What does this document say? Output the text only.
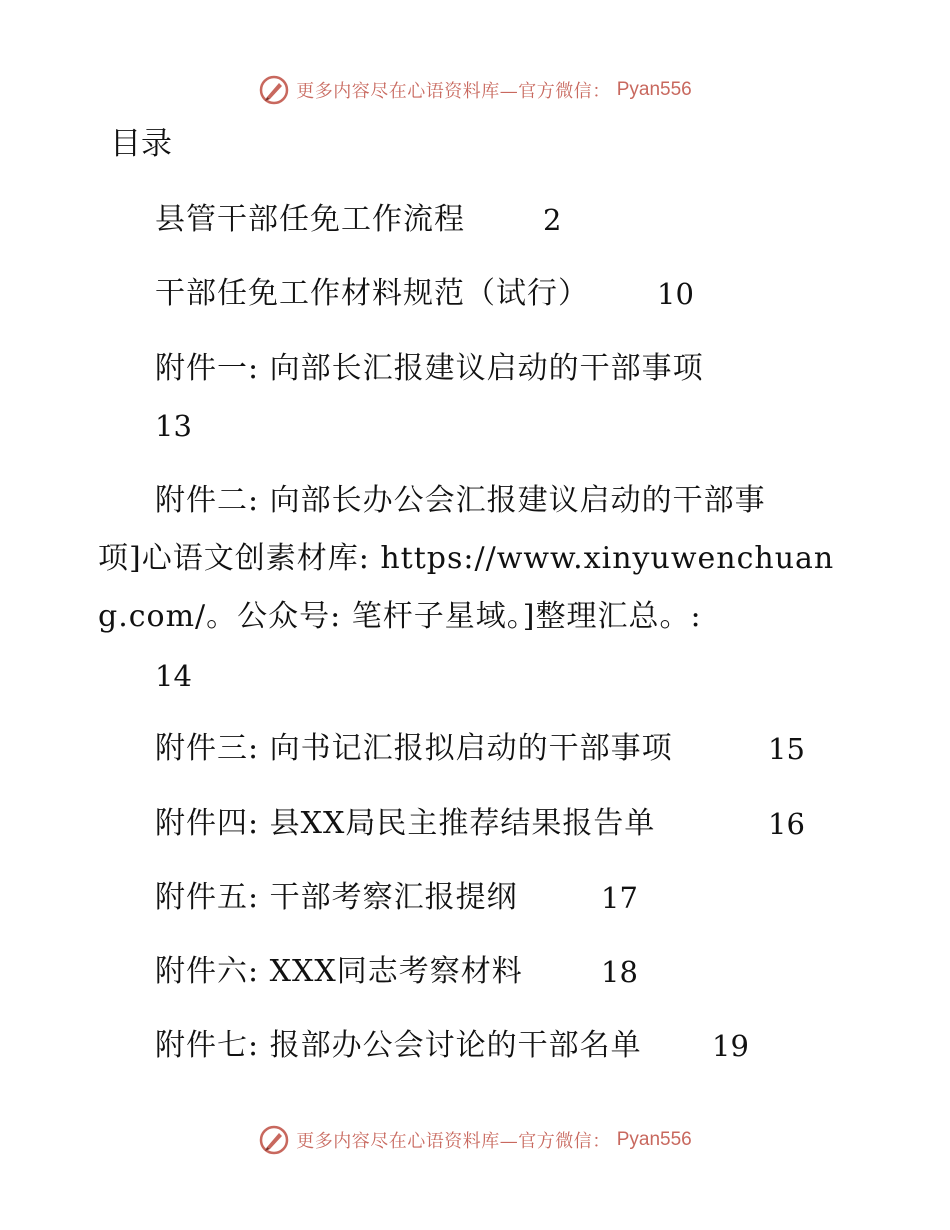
更多内容尽在心语资料库—官方微信： Pyan556
目录
县管干部任免工作流程	2
干部任免工作材料规范（试行） 10
附件一: 向部长汇报建议启动的干部事项
13
附件二: 向部长办公会汇报建议启动的干部事
项]心语文创素材库: https://www.xinyuwenchuan
g.com/。公众号: 笔杆子星域。]整理汇总。:
14
附件三: 向书记汇报拟启动的干部事项	15
附件四: 县XX局民主推荐结果报告单	16
附件五: 干部考察汇报提纲	17
附件六: XXX同志考察材料	18
附件七: 报部办公会讨论的干部名单 19
更多内容尽在心语资料库—官方微信： Pyan556
